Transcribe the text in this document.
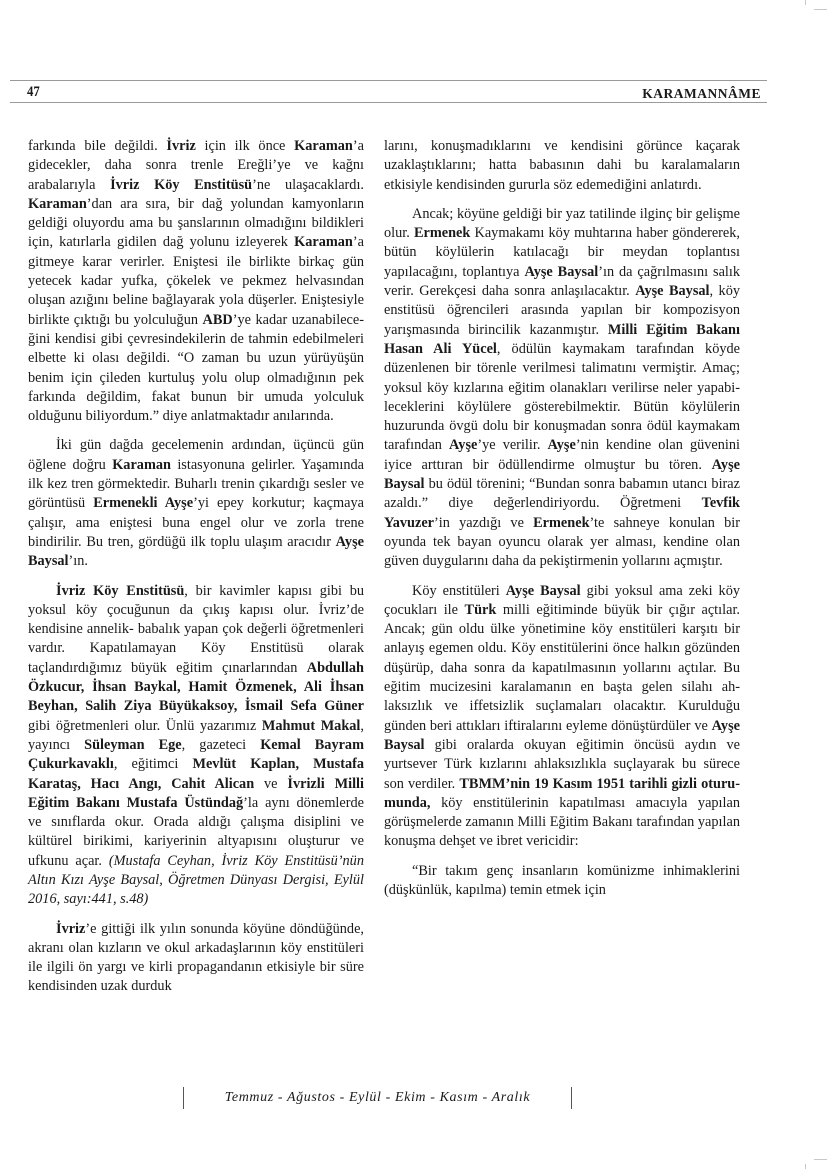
47	KARAMANNÂME

farkında bile değildi. İvriz için ilk önce Karaman’a gidecekler, daha sonra trenle Ereğli’ye ve kağnı arabalarıyla İvriz Köy Enstitüsü’ne ulaşacaklardı. Karaman’dan ara sıra, bir dağ yolundan kamyonların geldiği oluyordu ama bu şanslarının olmadığını bildikleri için, katırlarla gidilen dağ yolunu izleyerek Karaman’a gitmeye karar verirler. Eniştesi ile birlikte birkaç gün yetecek kadar yufka, çökelek ve pekmez helvasından oluşan azığını beline bağlayarak yola düşerler. Eniştesiyle birlikte çıktığı bu yolculuğun ABD’ye kadar uzanabileceğini kendisi gibi çevresindekilerin de tahmin edebilmeleri elbette ki olası değildi. “O zaman bu uzun yürüyüşün benim için çileden kurtuluş yolu olup olmadığının pek farkında değildim, fakat bunun bir umuda yolculuk olduğunu biliyordum.” diye anlatmaktadır anılarında.

İki gün dağda gecelemenin ardından, üçüncü gün öğlene doğru Karaman istasyonuna gelirler. Yaşamında ilk kez tren görmektedir. Buharlı trenin çıkardığı sesler ve görüntüsü Ermenekli Ayşe’yi epey korkutur; kaçmaya çalışır, ama eniştesi buna engel olur ve zorla trene bindirilir. Bu tren, gördüğü ilk toplu ulaşım aracıdır Ayşe Baysal’ın.

İvriz Köy Enstitüsü, bir kavimler kapısı gibi bu yoksul köy çocuğunun da çıkış kapısı olur. İvriz’de kendisine annelik- babalık yapan çok değerli öğretmenleri vardır. Kapatılamayan Köy Enstitüsü olarak taçlandırdığımız büyük eğitim çınarlarından Abdullah Özkucur, İhsan Baykal, Hamit Özmenek, Ali İhsan Beyhan, Salih Ziya Büyükaksoy, İsmail Sefa Güner gibi öğretmenleri olur. Ünlü yazarımız Mahmut Makal, yayıncı Süleyman Ege, gazeteci Kemal Bayram Çukurkavaklı, eğitimci Mevlüt Kaplan, Mustafa Karataş, Hacı Angı, Cahit Alican ve İvrizli Milli Eğitim Bakanı Mustafa Üstündağ’la aynı dönemlerde ve sınıflarda okur. Orada aldığı çalışma disiplini ve kültürel birikimi, kariyerinin altyapısını oluşturur ve ufkunu açar. (Mustafa Ceyhan, İvriz Köy Enstitüsü’nün Altın Kızı Ayşe Baysal, Öğretmen Dünyası Dergisi, Eylül 2016, sayı:441, s.48)

İvriz’e gittiği ilk yılın sonunda köyüne döndüğünde, akranı olan kızların ve okul arkadaşlarının köy enstitüleri ile ilgili ön yargı ve kirli propagandanın etkisiyle bir süre kendisinden uzak durduk

larını, konuşmadıklarını ve kendisini görünce kaçarak uzaklaştıklarını; hatta babasının dahi bu karalamaların etkisiyle kendisinden gururla söz edemediğini anlatırdı.

Ancak; köyüne geldiği bir yaz tatilinde ilginç bir gelişme olur. Ermenek Kaymakamı köy muhtarına haber göndererek, bütün köylülerin katılacağı bir meydan toplantısı yapılacağını, toplantıya Ayşe Baysal’ın da çağrılmasını salık verir. Gerekçesi daha sonra anlaşılacaktır. Ayşe Baysal, köy enstitüsü öğrencileri arasında yapılan bir kompozisyon yarışmasında birincilik kazanmıştır. Milli Eğitim Bakanı Hasan Ali Yücel, ödülün kaymakam tarafından köyde düzenlenen bir törenle verilmesi talimatını vermiştir. Amaç; yoksul köy kızlarına eğitim olanakları verilirse neler yapabileceklerini köylülere gösterebilmektir. Bütün köylülerin huzurunda övgü dolu bir konuşmadan sonra ödül kaymakam tarafından Ayşe’ye verilir. Ayşe’nin kendine olan güvenini iyice arttıran bir ödüllendirme olmuştur bu tören. Ayşe Baysal bu ödül törenini; “Bundan sonra babamın utancı biraz azaldı.” diye değerlendiriyordu. Öğretmeni Tevfik Yavuzer’in yazdığı ve Ermenek’te sahneye konulan bir oyunda tek bayan oyuncu olarak yer alması, kendine olan güven duygularını daha da pekiştirmenin yollarını açmıştır.

Köy enstitüleri Ayşe Baysal gibi yoksul ama zeki köy çocukları ile Türk milli eğitiminde büyük bir çığır açtılar. Ancak; gün oldu ülke yönetimine köy enstitüleri karşıtı bir anlayış egemen oldu. Köy enstitülerini önce halkın gözünden düşürüp, daha sonra da kapatılmasının yollarını açtılar. Bu eğitim mucizesini karalamanın en başta gelen silahı ahlaksızlık ve iffetsizlik suçlamaları olacaktır. Kurulduğu günden beri attıkları iftiralarını eyleme dönüştürdüler ve Ayşe Baysal gibi oralarda okuyan eğitimin öncüsü aydın ve yurtsever Türk kızlarını ahlaksızlıkla suçlayarak bu sürece son verdiler. TBMM’nin 19 Kasım 1951 tarihli gizli oturumunda, köy enstitülerinin kapatılması amacıyla yapılan görüşmelerde zamanın Milli Eğitim Bakanı tarafından yapılan konuşma dehşet ve ibret vericidir:

“Bir takım genç insanların komünizme inhimaklerini (düşkünlük, kapılma) temin etmek için

Temmuz - Ağustos - Eylül - Ekim - Kasım - Aralık
